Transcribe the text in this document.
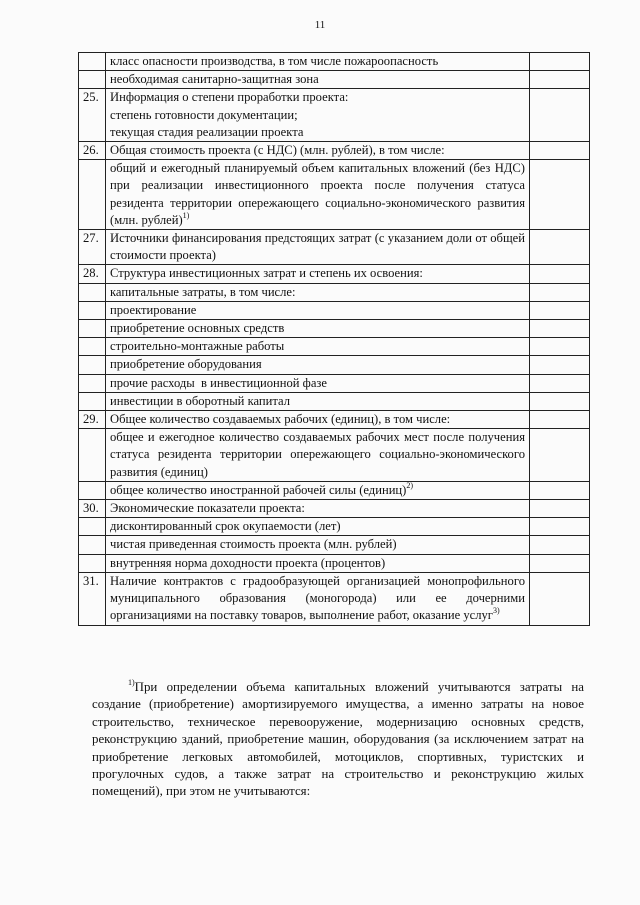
11
	класс опасности производства, в том числе пожароопасность	
	необходимая санитарно-защитная зона	
25.	Информация о степени проработки проекта:
степень готовности документации;
текущая стадия реализации проекта	

26.	Общая стоимость проекта (с НДС) (млн. рублей), в том числе:	
	общий и ежегодный планируемый объем капитальных вложений (без НДС) при реализации инвестиционного проекта после получения статуса резидента территории опережающего социально-экономического развития (млн. рублей)$^{1)}$	
27.	Источники финансирования предстоящих затрат (с указанием доли от общей стоимости проекта)	
28.	Структура инвестиционных затрат и степень их освоения:	
	капитальные затраты, в том числе:	
	проектирование	
	приобретение основных средств	
	строительно-монтажные работы	
	приобретение оборудования	
	прочие расходы  в инвестиционной фазе	
	инвестиции в оборотный капитал	
29.	Общее количество создаваемых рабочих (единиц), в том числе:	
	общее и ежегодное количество создаваемых рабочих мест после получения статуса резидента территории опережающего социально-экономического развития (единиц)	
	общее количество иностранной рабочей силы (единиц)$^{2)}$	
30.	Экономические показатели проекта:	
	дисконтированный срок окупаемости (лет)	
	чистая приведенная стоимость проекта (млн. рублей)	
	внутренняя норма доходности проекта (процентов)	
31.	Наличие контрактов с градообразующей организацией монопрофильного муниципального образования (моногорода) или ее дочерними организациями на поставку товаров, выполнение работ, оказание услуг$^{3)}$	

$^{1)}$При определении объема капитальных вложений учитываются затраты на создание (приобретение) амортизируемого имущества, а именно затраты на новое строительство, техническое перевооружение, модернизацию основных средств, реконструкцию зданий, приобретение машин, оборудования (за исключением затрат на приобретение легковых автомобилей, мотоциклов, спортивных, туристских и прогулочных судов, а также затрат на строительство и реконструкцию жилых помещений), при этом не учитываются:
